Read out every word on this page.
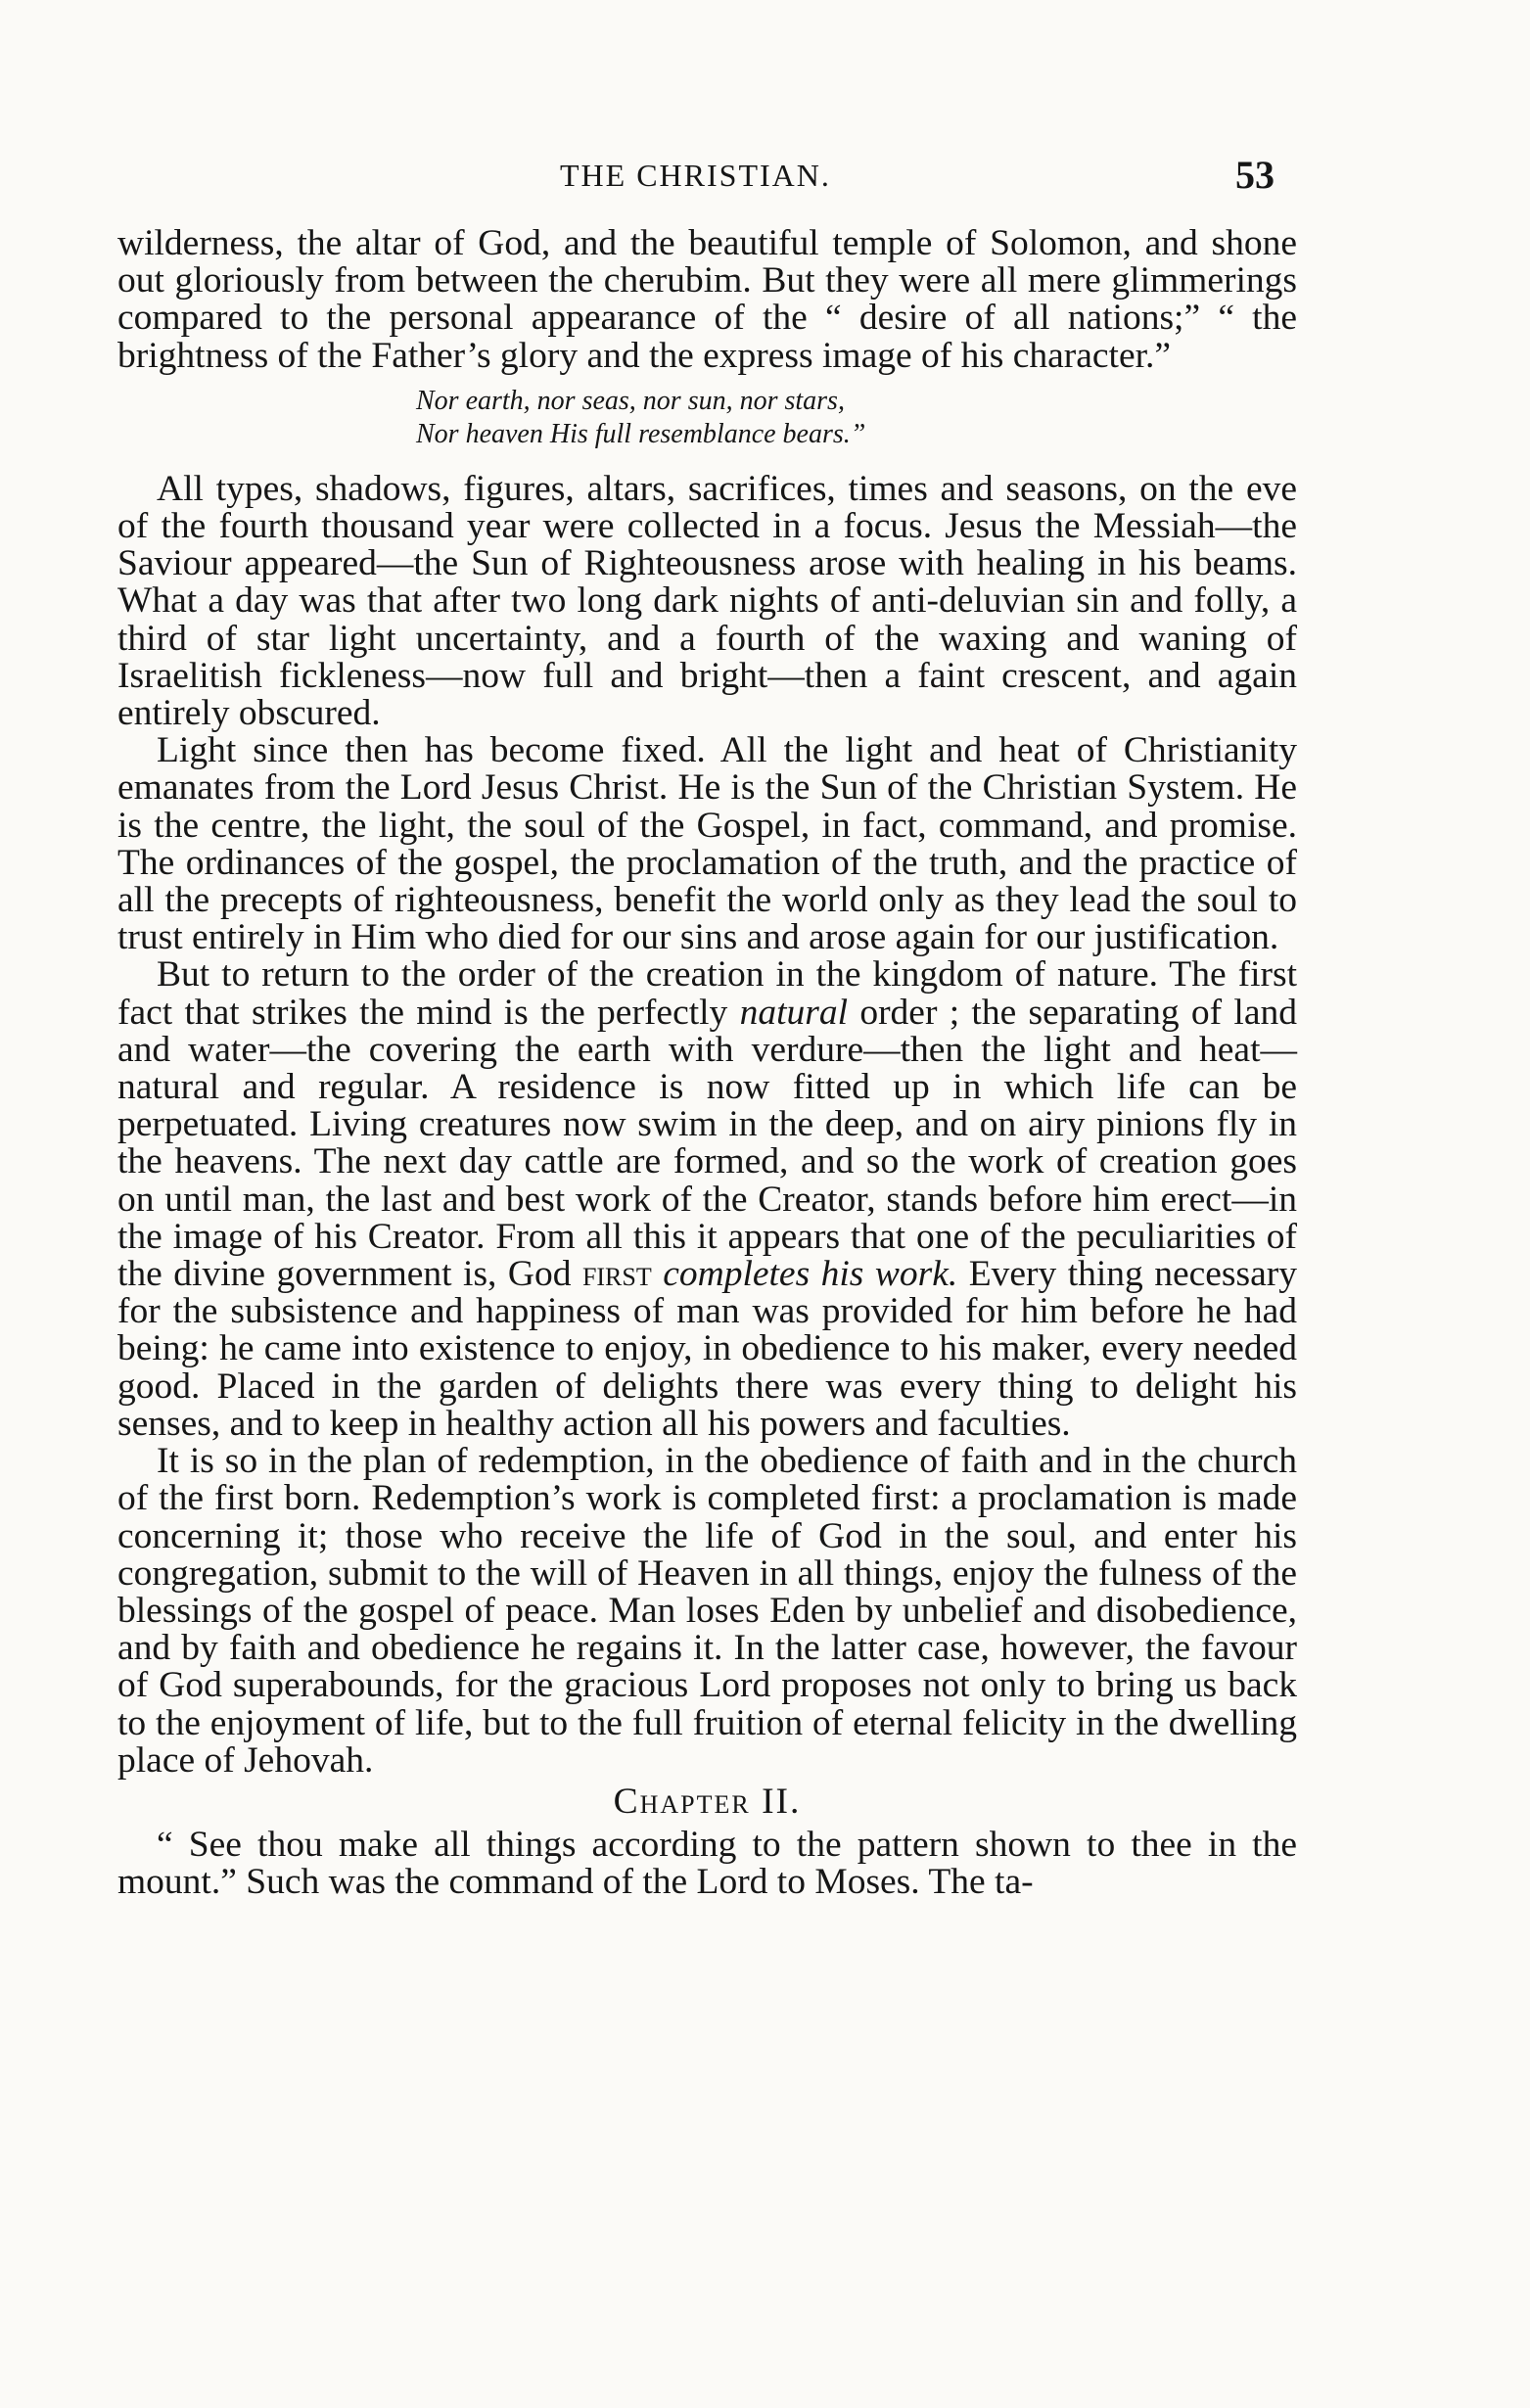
THE CHRISTIAN.	53

wilderness, the altar of God, and the beautiful temple of Solomon, and shone out gloriously from between the cherubim. But they were all mere glimmerings compared to the personal appearance of the “ desire of all nations;” “ the brightness of the Father’s glory and the express image of his character.”

Nor earth, nor seas, nor sun, nor stars,
Nor heaven His full resemblance bears.”

All types, shadows, figures, altars, sacrifices, times and seasons, on the eve of the fourth thousand year were collected in a focus. Jesus the Messiah—the Saviour appeared—the Sun of Righteousness arose with healing in his beams. What a day was that after two long dark nights of anti-deluvian sin and folly, a third of star light uncertainty, and a fourth of the waxing and waning of Israelitish fickleness—now full and bright—then a faint crescent, and again entirely obscured.

Light since then has become fixed. All the light and heat of Christianity emanates from the Lord Jesus Christ. He is the Sun of the Christian System. He is the centre, the light, the soul of the Gospel, in fact, command, and promise. The ordinances of the gospel, the proclamation of the truth, and the practice of all the precepts of righteousness, benefit the world only as they lead the soul to trust entirely in Him who died for our sins and arose again for our justification.

But to return to the order of the creation in the kingdom of nature. The first fact that strikes the mind is the perfectly natural order ; the separating of land and water—the covering the earth with verdure—then the light and heat—natural and regular. A residence is now fitted up in which life can be perpetuated. Living creatures now swim in the deep, and on airy pinions fly in the heavens. The next day cattle are formed, and so the work of creation goes on until man, the last and best work of the Creator, stands before him erect—in the image of his Creator. From all this it appears that one of the peculiarities of the divine government is, God first completes his work. Every thing necessary for the subsistence and happiness of man was provided for him before he had being: he came into existence to enjoy, in obedience to his maker, every needed good. Placed in the garden of delights there was every thing to delight his senses, and to keep in healthy action all his powers and faculties.

It is so in the plan of redemption, in the obedience of faith and in the church of the first born. Redemption’s work is completed first: a proclamation is made concerning it; those who receive the life of God in the soul, and enter his congregation, submit to the will of Heaven in all things, enjoy the fulness of the blessings of the gospel of peace. Man loses Eden by unbelief and disobedience, and by faith and obedience he regains it. In the latter case, however, the favour of God superabounds, for the gracious Lord proposes not only to bring us back to the enjoyment of life, but to the full fruition of eternal felicity in the dwelling place of Jehovah.

Chapter II.

“ See thou make all things according to the pattern shown to thee in the mount.” Such was the command of the Lord to Moses. The ta-
